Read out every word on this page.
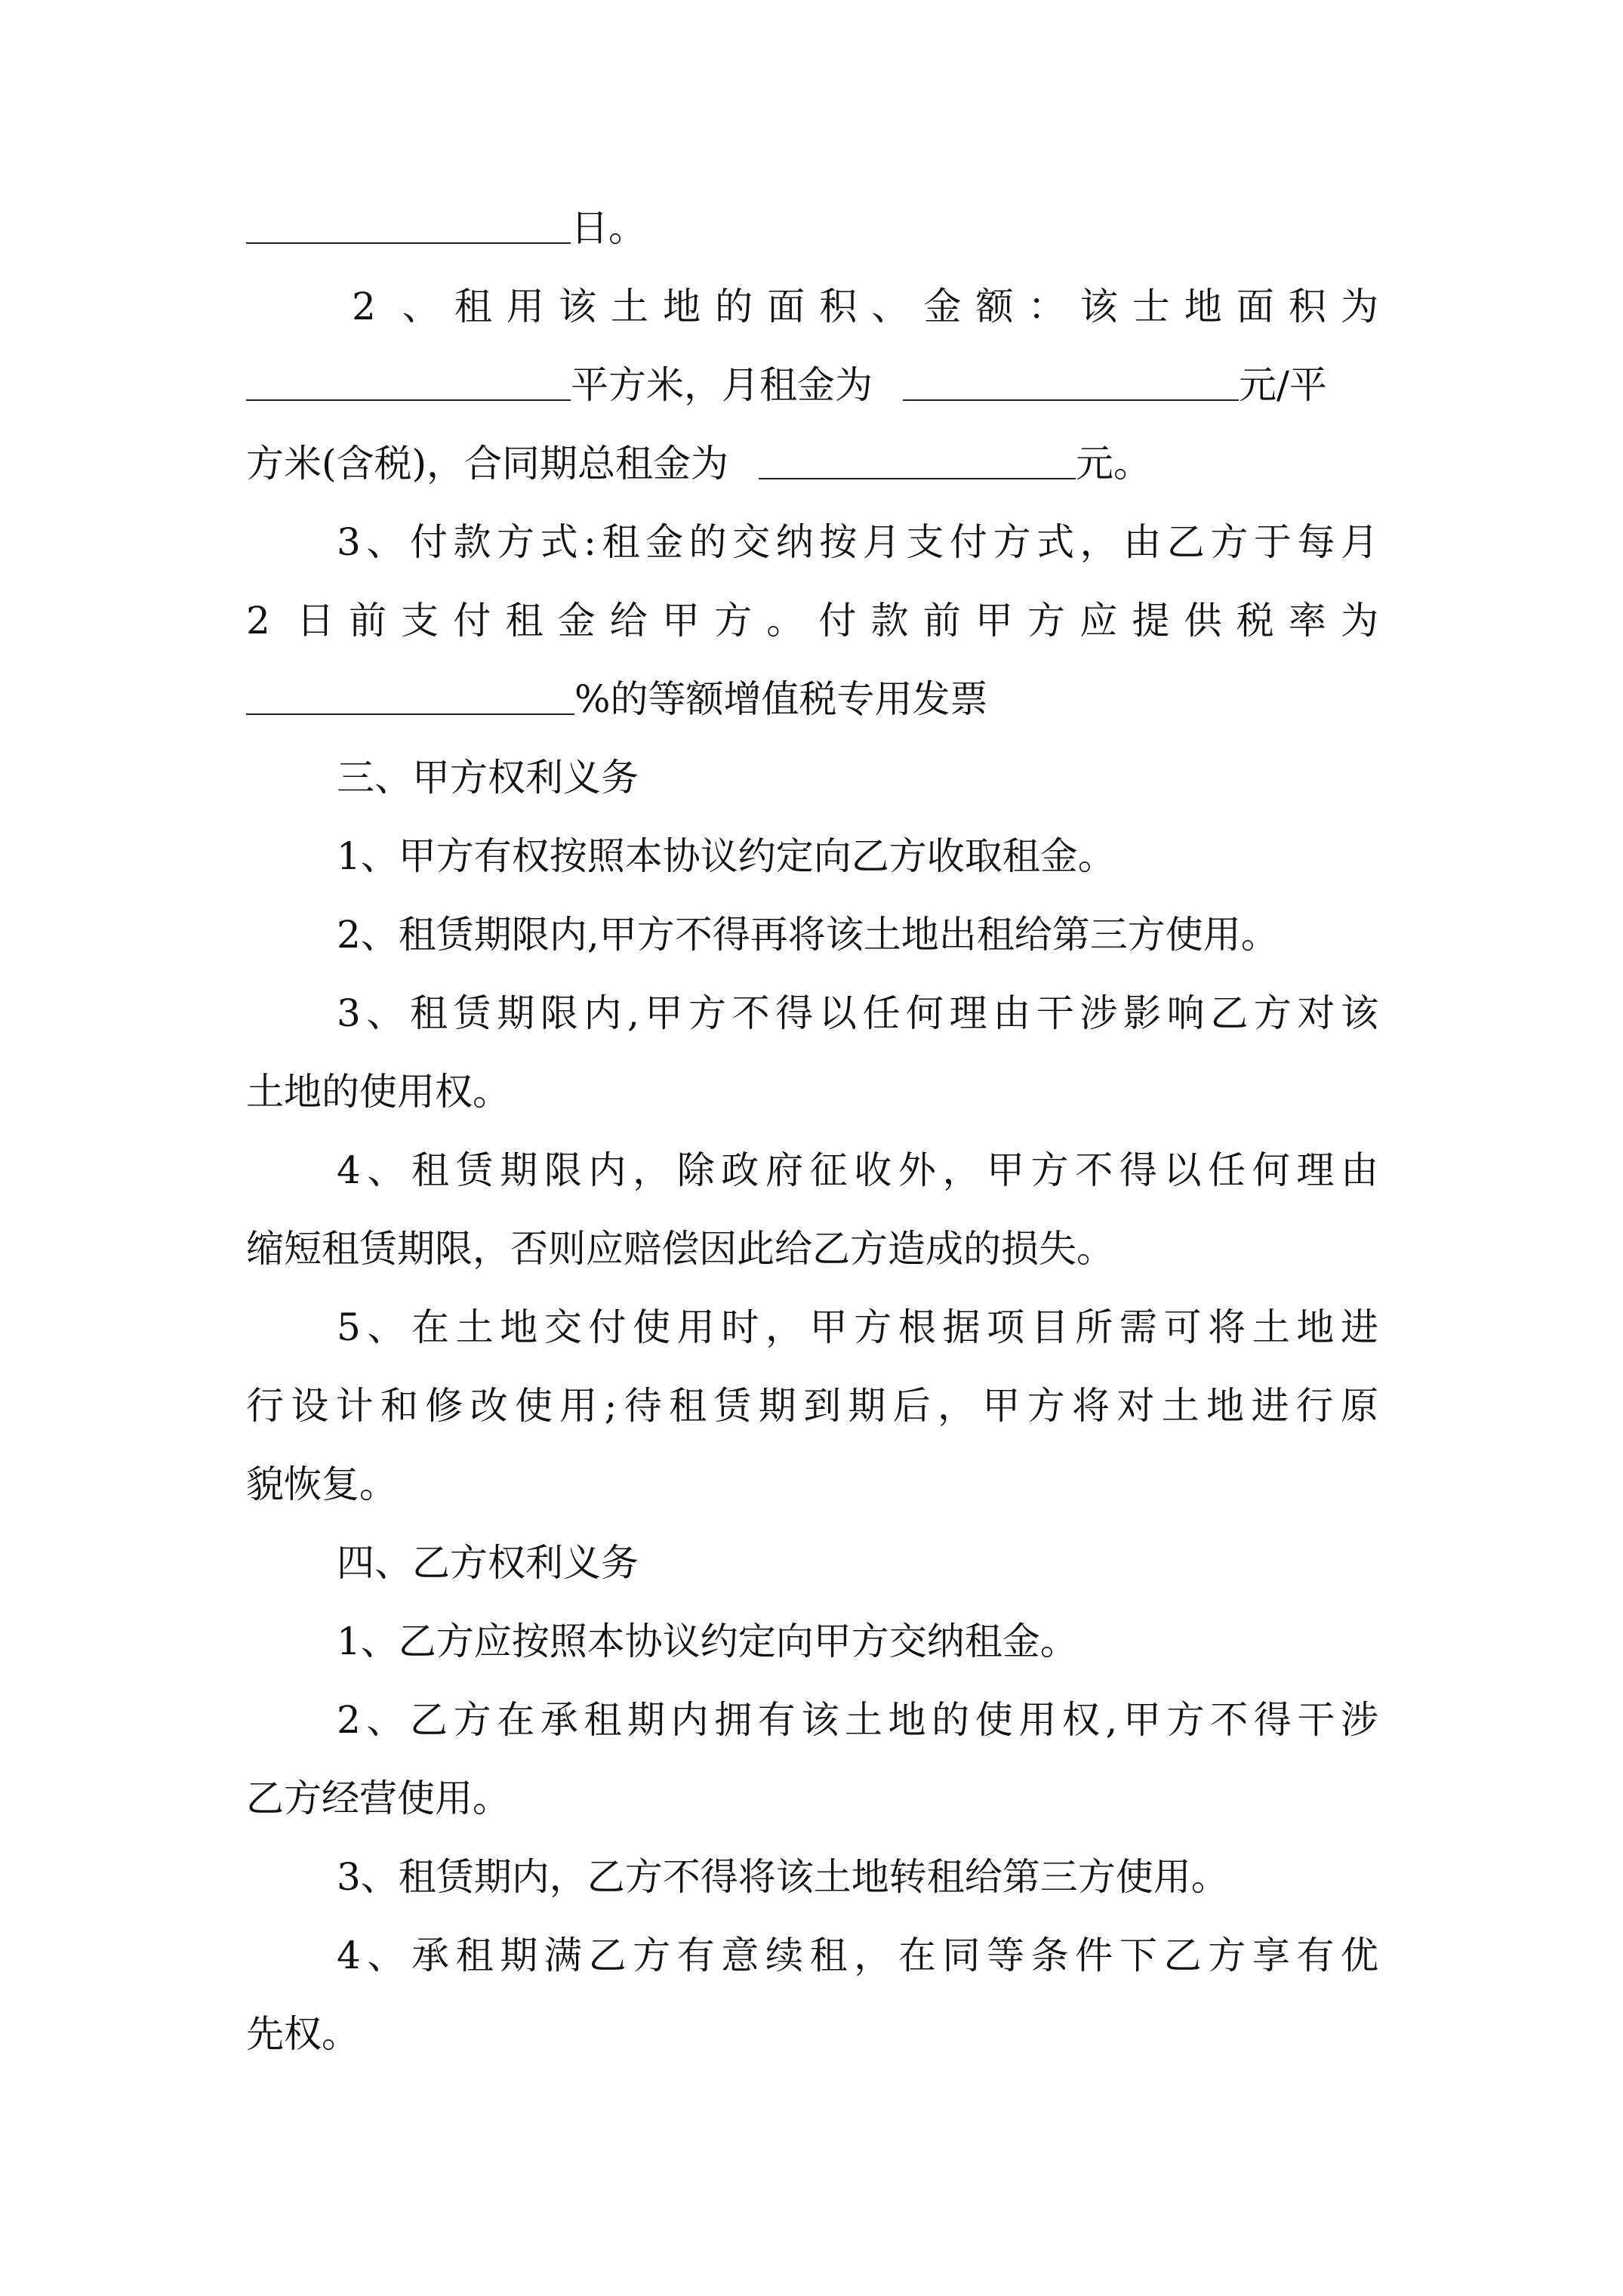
日。
2 、租用该土地的面积、金额：该士地面积为
平方米，月租金为	元/平
方米(含税)，合同期总租金为	元。
3、付款方式:租金的交纳按月支付方式，由乙方于每月
2 日前支付租金给甲方。付款前甲方应提供税率为
%的等额增值税专用发票
三、甲方权利义务
1、甲方有权按照本协议约定向乙方收取租金。
2、租赁期限内,甲方不得再将该土地出租给第三方使用。
3、租赁期限内,甲方不得以任何理由干涉影响乙方对该
土地的使用权。
4、租赁期限内，除政府征收外，甲方不得以任何理由
缩短租赁期限，否则应赔偿因此给乙方造成的损失。
5、在土地交付使用时，甲方根据项目所需可将土地进
行设计和修改使用;待租赁期到期后，甲方将对土地进行原
貌恢复。
四、乙方权利义务
1、乙方应按照本协议约定向甲方交纳租金。
2、乙方在承租期内拥有该土地的使用权,甲方不得干涉
乙方经营使用。
3、租赁期内，乙方不得将该土地转租给第三方使用。
4、承租期满乙方有意续租，在同等条件下乙方享有优
先权。
